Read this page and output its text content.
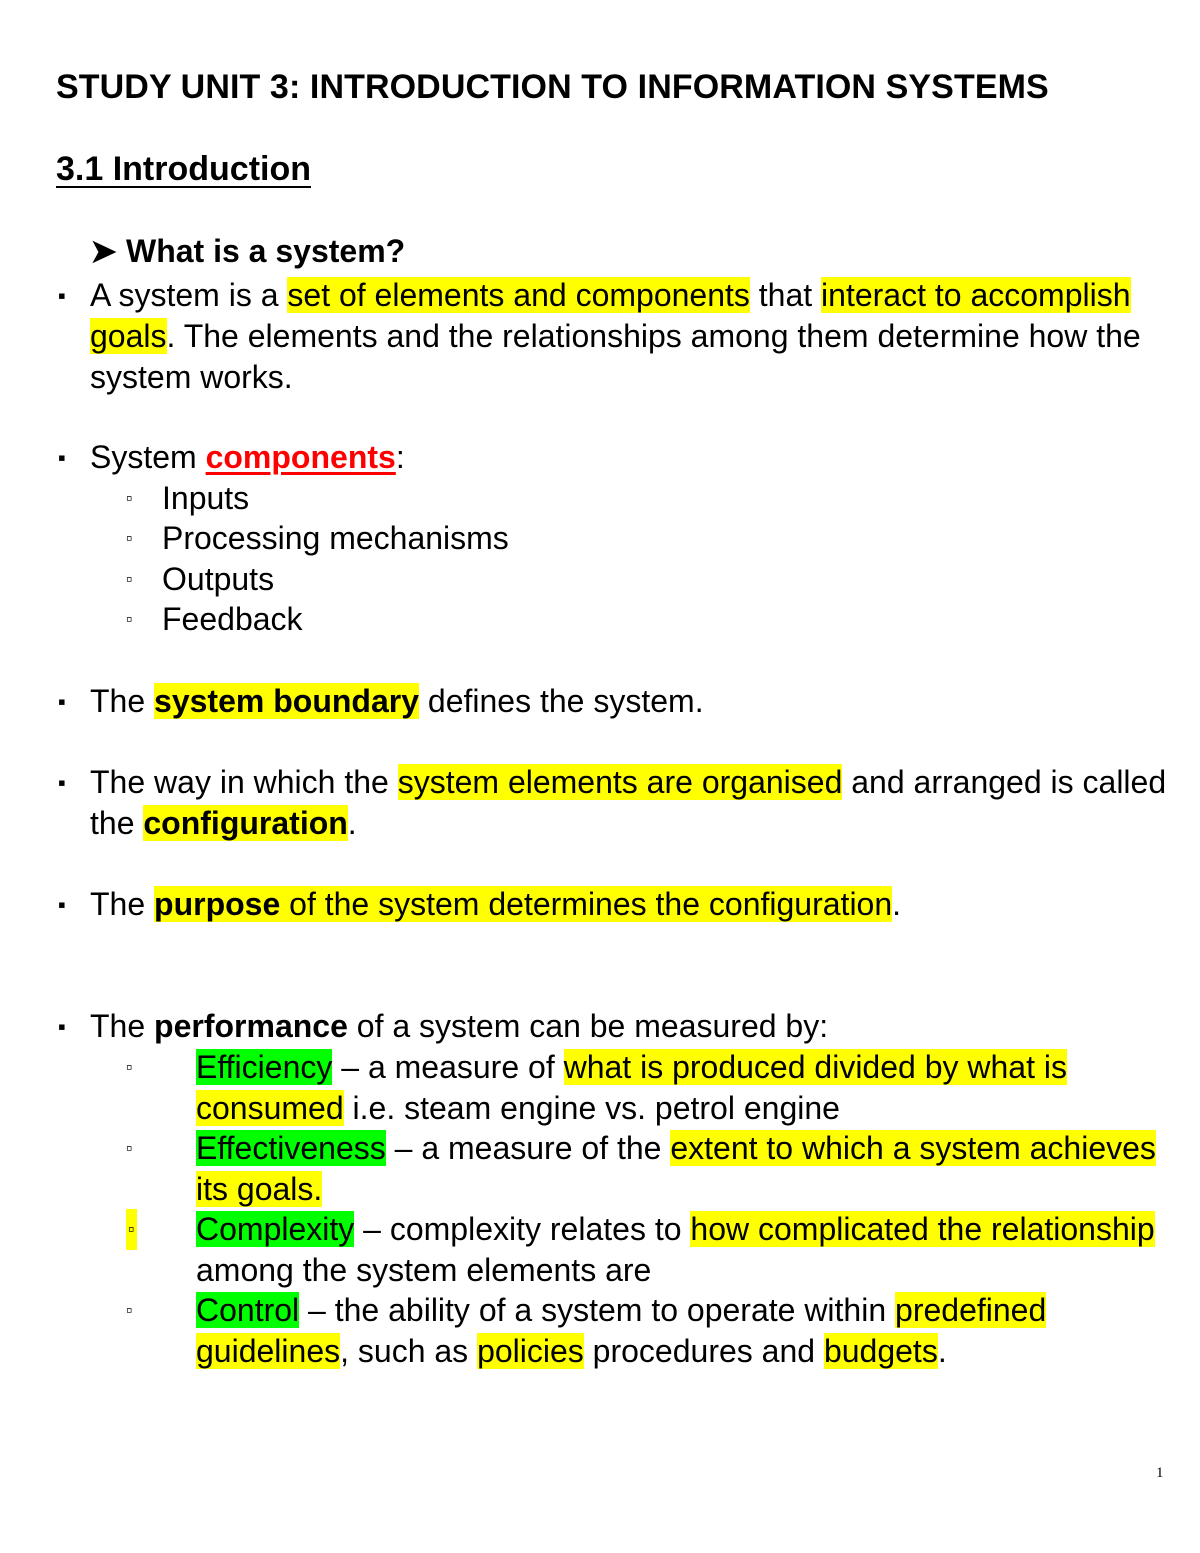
STUDY UNIT 3: INTRODUCTION TO INFORMATION SYSTEMS
3.1 Introduction
➤ What is a system?
▪ A system is a set of elements and components that interact to accomplish goals. The elements and the relationships among them determine how the system works.
▪ System components:
▫ Inputs
▫ Processing mechanisms
▫ Outputs
▫ Feedback
▪ The system boundary defines the system.
▪ The way in which the system elements are organised and arranged is called the configuration.
▪ The purpose of the system determines the configuration.
▪ The performance of a system can be measured by:
▫ Efficiency – a measure of what is produced divided by what is consumed i.e. steam engine vs. petrol engine
▫ Effectiveness – a measure of the extent to which a system achieves its goals.
▫ Complexity – complexity relates to how complicated the relationship among the system elements are
▫ Control – the ability of a system to operate within predefined guidelines, such as policies procedures and budgets.
1
